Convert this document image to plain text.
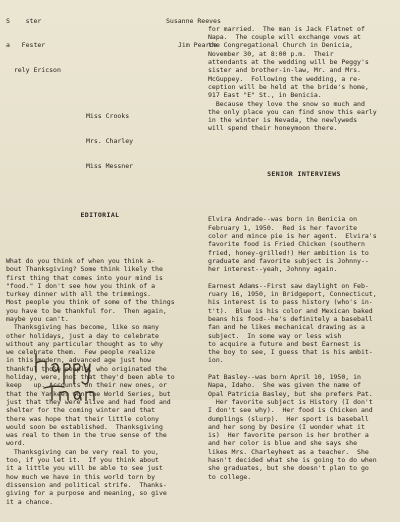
S    ster

a   Fester

rely Ericson

Miss Crooks

Mrs. Charley

Miss Messner

EDITORIAL

What do you think of when you think a-
bout Thanksgiving? Some think likely the
first thing that comes into your mind is
"food." I don't see how you think of a
turkey dinner with all the trimmings.
Most people you think of some of the things
you have to be thankful for.  Then again,
maybe you can't.
Thanksgiving has become, like so many
other holidays, just a day to celebrate
without any particular thought as to why
we celebrate them.  Few people realize
in this modern, advanced age just how
thankful those people, who originated the
holiday, were, not that they'd been able to
keep   up. Accounts on their new ones, or
that the Yankees won the World Series, but
just that they were alive and had food and
shelter for the coming winter and that
there was hope that their little colony
would soon be established.  Thanksgiving
was real to them in the true sense of the
word.
Thanksgiving can be very real to you,
too, if you let it.  If you think about
it a little you will be able to see just
how much we have in this world torn by
dissension and political strife.  Thanks-
giving for a purpose and meaning, so give
it a chance.

Susanne Reeves

Jim Pearce

for married.  The man is Jack Flatnet of
Napa.  The couple will exchange vows at
the Congregational Church in Denicia,
November 30, at 8:00 p.m.  Their
attendants at the wedding will be Peggy's
sister and brother-in-law, Mr. and Mrs.
McGuppey.  Following the wedding, a re-
ception will be held at the bride's home,
917 East "E" St., in Benicia.
Because they love the snow so much and
the only place you can find snow this early
in the winter is Nevada, the newlyweds
will spend their honeymoon there.

SENIOR INTERVIEWS

Elvira Andrade--was born in Benicia on
February 1, 1950.  Red is her favorite
color and mince pie is her agent.  Elvira's
favorite food is Fried Chicken (southern
fried, honey-grilled!) Her ambition is to
graduate and favorite subject is Johnny--
her interest--yeah, Johnny again.
Earnest Adams--First saw daylight on Feb-
ruary 16, 1950, in Bridgeport, Connecticut,
his interest is to pass history (who's in-
t't).  Blue is his color and Mexican baked
beans his food--he's definitely a baseball
fan and he likes mechanical drawing as a
subject.  In some way or less wish
to acquire a future and best Earnest is
the boy to see, I guess that is his ambit-
ion.
Pat Basley--was born April 10, 1950, in
Napa, Idaho.  She was given the name of
Opal Patricia Basley, but she prefers Pat.
Her favorite subject is History (I don't
I don't see why).  Her food is Chicken and
dumplings (slurp).  Her sport is baseball
and her song by Desire (I wonder what it
is)  Her favorite person is her brother a
and her color is blue and she says she
likes Mrs. Charleyheet as a teacher.  She
hasn't decided what she is going to do when
she graduates, but she doesn't plan to go
to college.
